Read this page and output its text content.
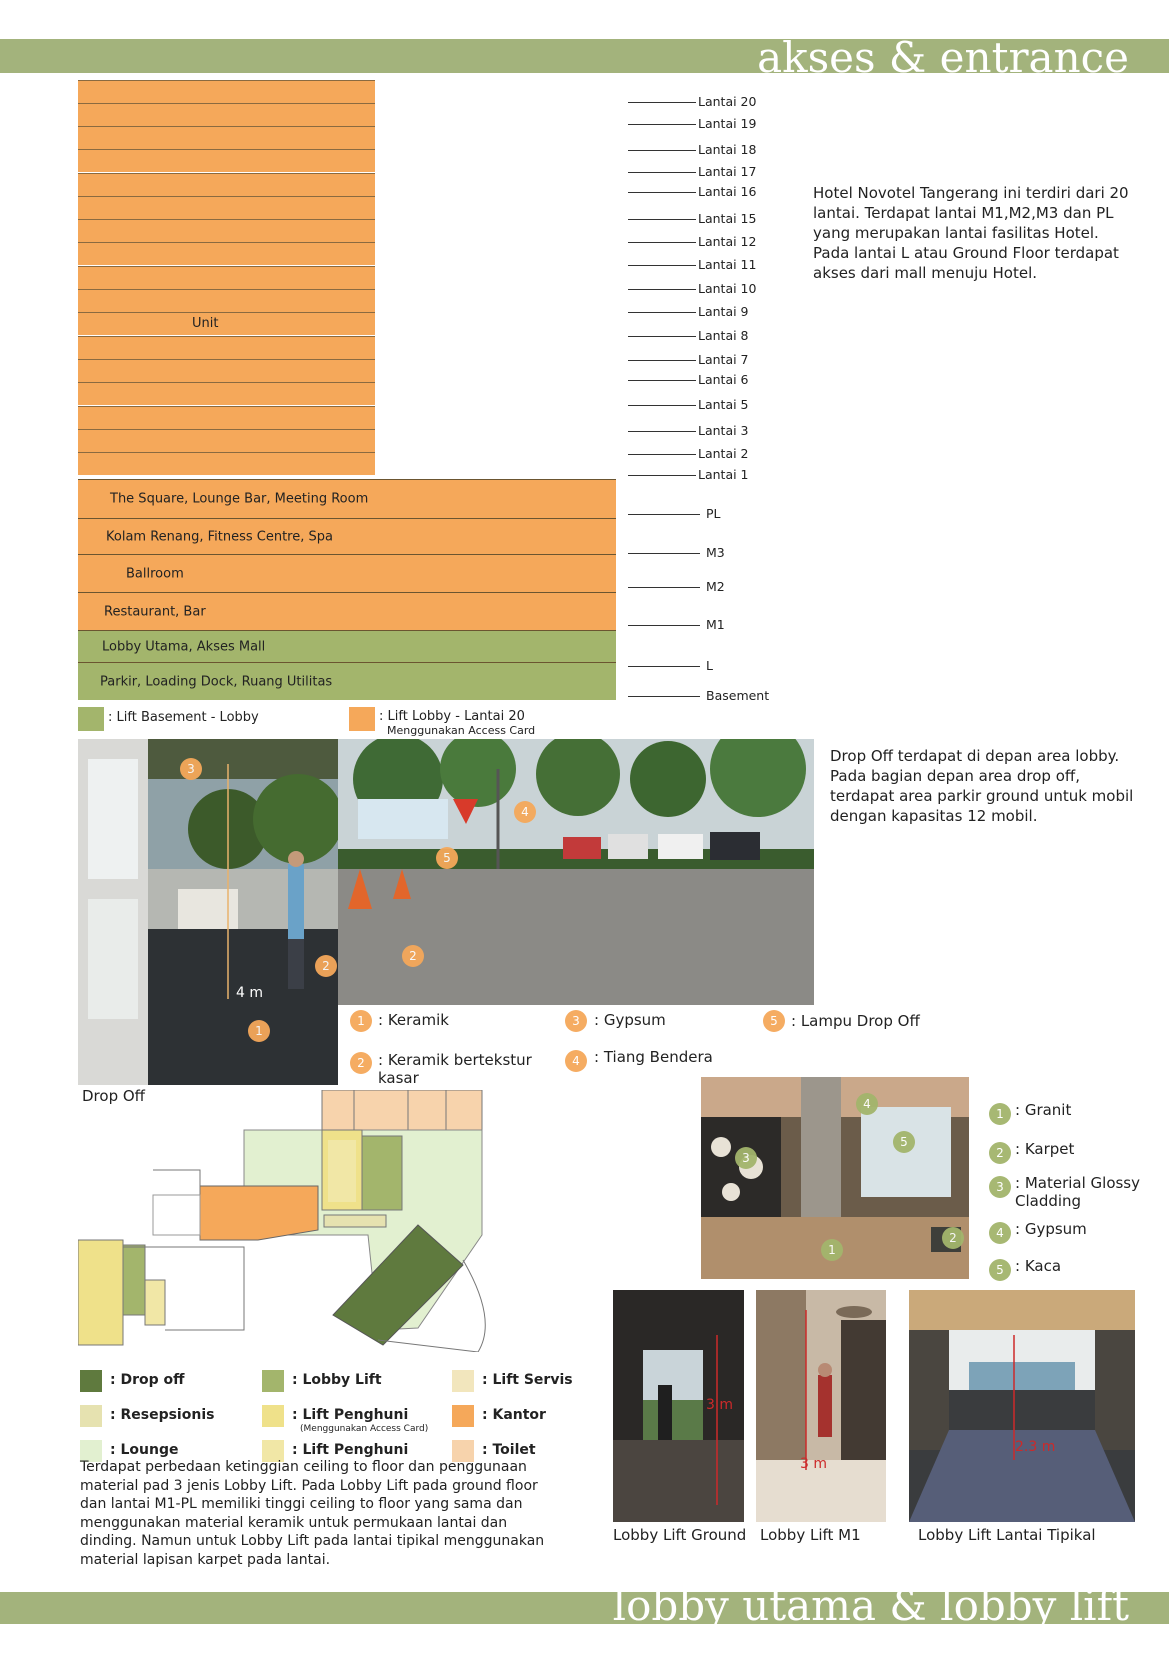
akses & entrance
Unit
The Square, Lounge Bar, Meeting Room
Kolam Renang, Fitness Centre, Spa
Ballroom
Restaurant, Bar
Lobby Utama, Akses Mall
Parkir, Loading Dock, Ruang Utilitas
Lantai 20
Lantai 19
Lantai 18
Lantai 17
Lantai 16
Lantai 15
Lantai 12
Lantai 11
Lantai 10
Lantai 9
Lantai 8
Lantai 7
Lantai 6
Lantai 5
Lantai 3
Lantai 2
Lantai 1
PL
M3
M2
M1
L
Basement
: Lift Basement - Lobby	: Lift Lobby - Lantai 20
Menggunakan Access Card
Hotel Novotel Tangerang ini terdiri dari 20 lantai. Terdapat lantai M1,M2,M3 dan PL yang merupakan lantai fasilitas Hotel. Pada lantai L atau Ground Floor terdapat akses dari mall menuju Hotel.
4 m
Drop Off
3
2
1
4
5
2
Drop Off terdapat di depan area lobby. Pada bagian depan area drop off, terdapat area parkir ground untuk mobil dengan kapasitas 12 mobil.
1 : Keramik
2 : Keramik bertekstur kasar
3 : Gypsum
4 : Tiang Bendera
5 : Lampu Drop Off
: Drop off
: Resepsionis
: Lounge
: Lobby Lift
: Lift Penghuni
(Menggunakan Access Card)
: Lift Penghuni
: Lift Servis
: Kantor
: Toilet
Terdapat perbedaan ketinggian ceiling to floor dan penggunaan material pad 3 jenis Lobby Lift. Pada Lobby Lift pada ground floor dan lantai M1-PL memiliki tinggi ceiling to floor yang sama dan menggunakan material keramik untuk permukaan lantai dan dinding. Namun untuk Lobby Lift pada lantai tipikal menggunakan material lapisan karpet pada lantai.
3
4
5
1
2
1 : Granit
2 : Karpet
3 : Material Glossy Cladding
4 : Gypsum
5 : Kaca
3 m
Lobby Lift Ground
3 m
Lobby Lift M1
2.3 m
Lobby Lift Lantai Tipikal
lobby utama & lobby lift
